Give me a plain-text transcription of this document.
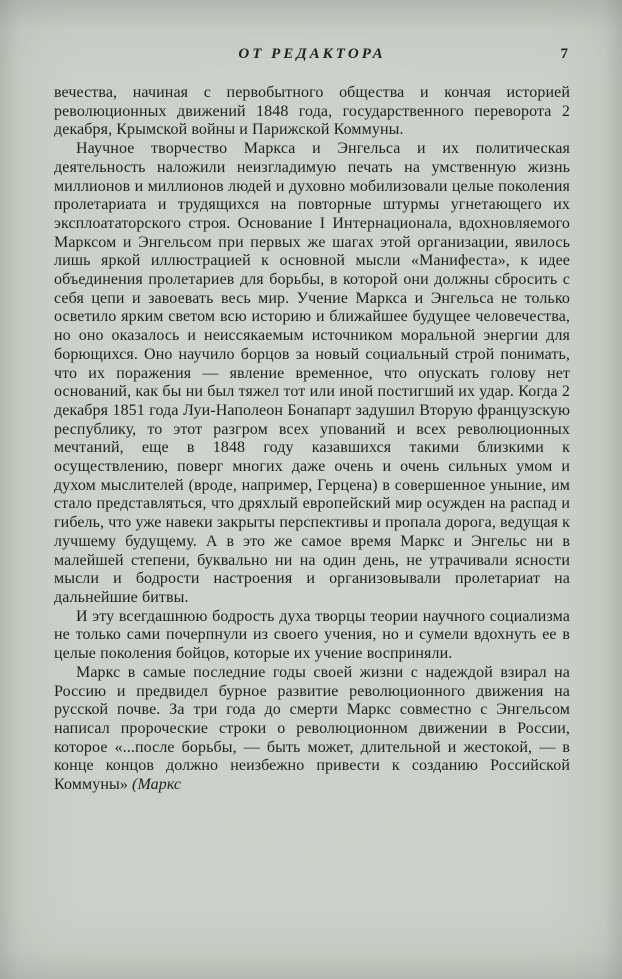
ОТ РЕДАКТОРА	7

вечества, начиная с первобытного общества и кончая историей революционных движений 1848 года, государственного переворота 2 декабря, Крымской войны и Парижской Коммуны.

Научное творчество Маркса и Энгельса и их политическая деятельность наложили неизгладимую печать на умственную жизнь миллионов и миллионов людей и духовно мобилизовали целые поколения пролетариата и трудящихся на повторные штурмы угнетающего их эксплоататорского строя. Основание I Интернационала, вдохновляемого Марксом и Энгельсом при первых же шагах этой организации, явилось лишь яркой иллюстрацией к основной мысли «Манифеста», к идее объединения пролетариев для борьбы, в которой они должны сбросить с себя цепи и завоевать весь мир. Учение Маркса и Энгельса не только осветило ярким светом всю историю и ближайшее будущее человечества, но оно оказалось и неиссякаемым источником моральной энергии для борющихся. Оно научило борцов за новый социальный строй понимать, что их поражения — явление временное, что опускать голову нет оснований, как бы ни был тяжел тот или иной постигший их удар. Когда 2 декабря 1851 года Луи-Наполеон Бонапарт задушил Вторую французскую республику, то этот разгром всех упований и всех революционных мечтаний, еще в 1848 году казавшихся такими близкими к осуществлению, поверг многих даже очень и очень сильных умом и духом мыслителей (вроде, например, Герцена) в совершенное уныние, им стало представляться, что дряхлый европейский мир осужден на распад и гибель, что уже навеки закрыты перспективы и пропала дорога, ведущая к лучшему будущему. А в это же самое время Маркс и Энгельс ни в малейшей степени, буквально ни на один день, не утрачивали ясности мысли и бодрости настроения и организовывали пролетариат на дальнейшие битвы.

И эту всегдашнюю бодрость духа творцы теории научного социализма не только сами почерпнули из своего учения, но и сумели вдохнуть ее в целые поколения бойцов, которые их учение восприняли.

Маркс в самые последние годы своей жизни с надеждой взирал на Россию и предвидел бурное развитие революционного движения на русской почве. За три года до смерти Маркс совместно с Энгельсом написал пророческие строки о революционном движении в России, которое «...после борьбы, — быть может, длительной и жестокой, — в конце концов должно неизбежно привести к созданию Российской Коммуны» (Маркс
